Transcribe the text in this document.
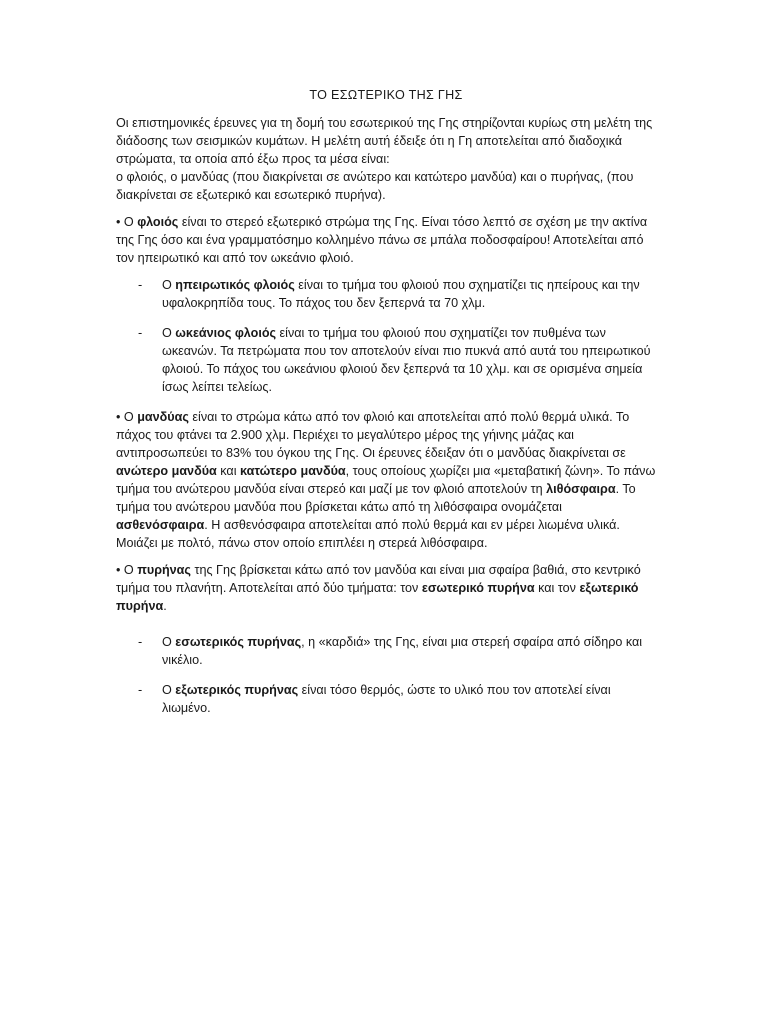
ΤΟ ΕΣΩΤΕΡΙΚΟ ΤΗΣ ΓΗΣ

Οι επιστημονικές έρευνες για τη δομή του εσωτερικού της Γης στηρίζονται κυρίως στη μελέτη της διάδοσης των σεισμικών κυμάτων. Η μελέτη αυτή έδειξε ότι η Γη αποτελείται από διαδοχικά στρώματα, τα οποία από έξω προς τα μέσα είναι:
ο φλοιός, ο μανδύας (που διακρίνεται σε ανώτερο και κατώτερο μανδύα) και ο πυρήνας, (που διακρίνεται σε εξωτερικό και εσωτερικό πυρήνα).

• Ο φλοιός είναι το στερεό εξωτερικό στρώμα της Γης. Είναι τόσο λεπτό σε σχέση με την ακτίνα της Γης όσο και ένα γραμματόσημο κολλημένο πάνω σε μπάλα ποδοσφαίρου! Αποτελείται από τον ηπειρωτικό και από τον ωκεάνιο φλοιό.

- Ο ηπειρωτικός φλοιός είναι το τμήμα του φλοιού που σχηματίζει τις ηπείρους και την υφαλοκρηπίδα τους. Το πάχος του δεν ξεπερνά τα 70 χλμ.
- Ο ωκεάνιος φλοιός είναι το τμήμα του φλοιού που σχηματίζει τον πυθμένα των ωκεανών. Τα πετρώματα που τον αποτελούν είναι πιο πυκνά από αυτά του ηπειρωτικού φλοιού. Το πάχος του ωκεάνιου φλοιού δεν ξεπερνά τα 10 χλμ. και σε ορισμένα σημεία ίσως λείπει τελείως.

• Ο μανδύας είναι το στρώμα κάτω από τον φλοιό και αποτελείται από πολύ θερμά υλικά. Το πάχος του φτάνει τα 2.900 χλμ. Περιέχει το μεγαλύτερο μέρος της γήινης μάζας και αντιπροσωπεύει το 83% του όγκου της Γης. Οι έρευνες έδειξαν ότι ο μανδύας διακρίνεται σε ανώτερο μανδύα και κατώτερο μανδύα, τους οποίους χωρίζει μια «μεταβατική ζώνη». Το πάνω τμήμα του ανώτερου μανδύα είναι στερεό και μαζί με τον φλοιό αποτελούν τη λιθόσφαιρα. Το τμήμα του ανώτερου μανδύα που βρίσκεται κάτω από τη λιθόσφαιρα ονομάζεται ασθενόσφαιρα. Η ασθενόσφαιρα αποτελείται από πολύ θερμά και εν μέρει λιωμένα υλικά. Μοιάζει με πολτό, πάνω στον οποίο επιπλέει η στερεά λιθόσφαιρα.

• Ο πυρήνας της Γης βρίσκεται κάτω από τον μανδύα και είναι μια σφαίρα βαθιά, στο κεντρικό τμήμα του πλανήτη. Αποτελείται από δύο τμήματα: τον εσωτερικό πυρήνα και τον εξωτερικό πυρήνα.

- Ο εσωτερικός πυρήνας, η «καρδιά» της Γης, είναι μια στερεή σφαίρα από σίδηρο και νικέλιο.
- Ο εξωτερικός πυρήνας είναι τόσο θερμός, ώστε το υλικό που τον αποτελεί είναι λιωμένο.
